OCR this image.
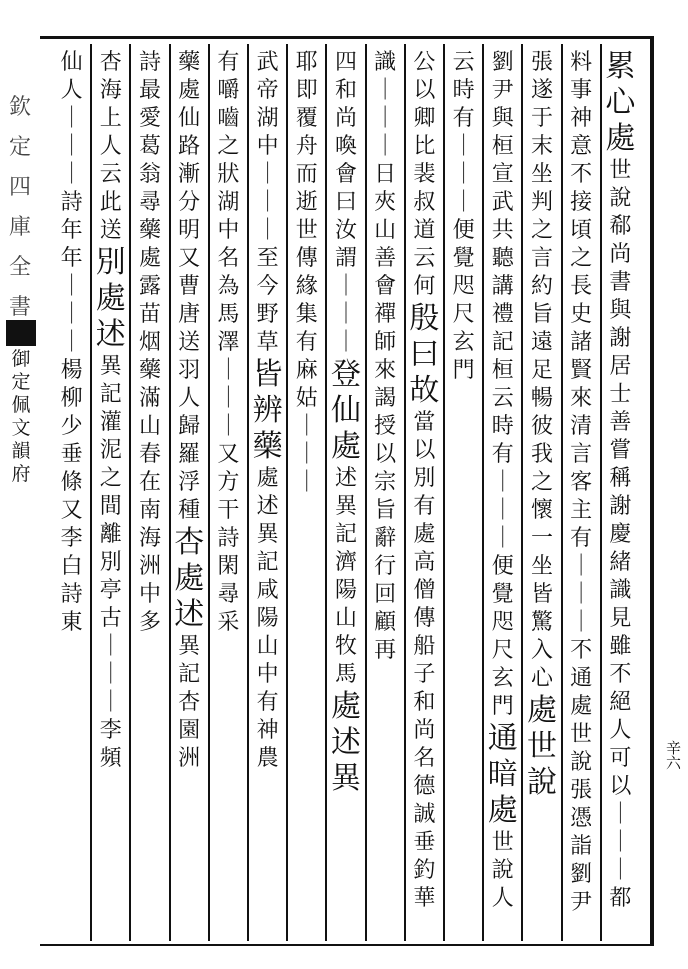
欽
定
四
庫
全
書
御
定
佩
文
韻
府
辛六
累
心
處
世
說
郗
尚
書
與
謝
居
士
善
嘗
稱
謝
慶
緒
識
見
雖
不
絕
人
可
以
｜
｜
｜
都
料
事
神
意
不
接
頃
之
長
史
諸
賢
來
清
言
客
主
有
｜
｜
｜
不
通
處
世
說
張
憑
詣
劉
尹
張
遂
于
末
坐
判
之
言
約
旨
遠
足
暢
彼
我
之
懷
一
坐
皆
驚
入
心
處
世
說
劉
尹
與
桓
宣
武
共
聽
講
禮
記
桓
云
時
有
｜
｜
｜
便
覺
咫
尺
玄
門
通
暗
處
世
說
人
云
時
有
｜
｜
｜
便
覺
咫
尺
玄
門
公
以
卿
比
裴
叔
道
云
何
殷
曰
故
當
以
別
有
處
高
僧
傳
船
子
和
尚
名
德
誠
垂
釣
華
識
｜
｜
｜
日
夾
山
善
會
禪
師
來
謁
授
以
宗
旨
辭
行
回
顧
再
四
和
尚
喚
會
曰
汝
謂
｜
｜
｜
登
仙
處
述
異
記
濟
陽
山
牧
馬
處
述
異
耶
即
覆
舟
而
逝
世
傳
緣
集
有
麻
姑
｜
｜
｜
武
帝
湖
中
｜
｜
｜
至
今
野
草
皆
辨
藥
處
述
異
記
咸
陽
山
中
有
神
農
有
嚼
嚙
之
狀
湖
中
名
為
馬
澤
｜
｜
｜
又
方
干
詩
閑
尋
采
藥
處
仙
路
漸
分
明
又
曹
唐
送
羽
人
歸
羅
浮
種
杏
處
述
異
記
杏
園
洲
詩
最
愛
葛
翁
尋
藥
處
露
苗
烟
藥
滿
山
春
在
南
海
洲
中
多
杏
海
上
人
云
此
送
別
處
述
異
記
灌
泥
之
間
離
別
亭
古
｜
｜
｜
李
頻
仙
人
｜
｜
｜
詩
年
年
｜
｜
｜
楊
柳
少
垂
條
又
李
白
詩
東
